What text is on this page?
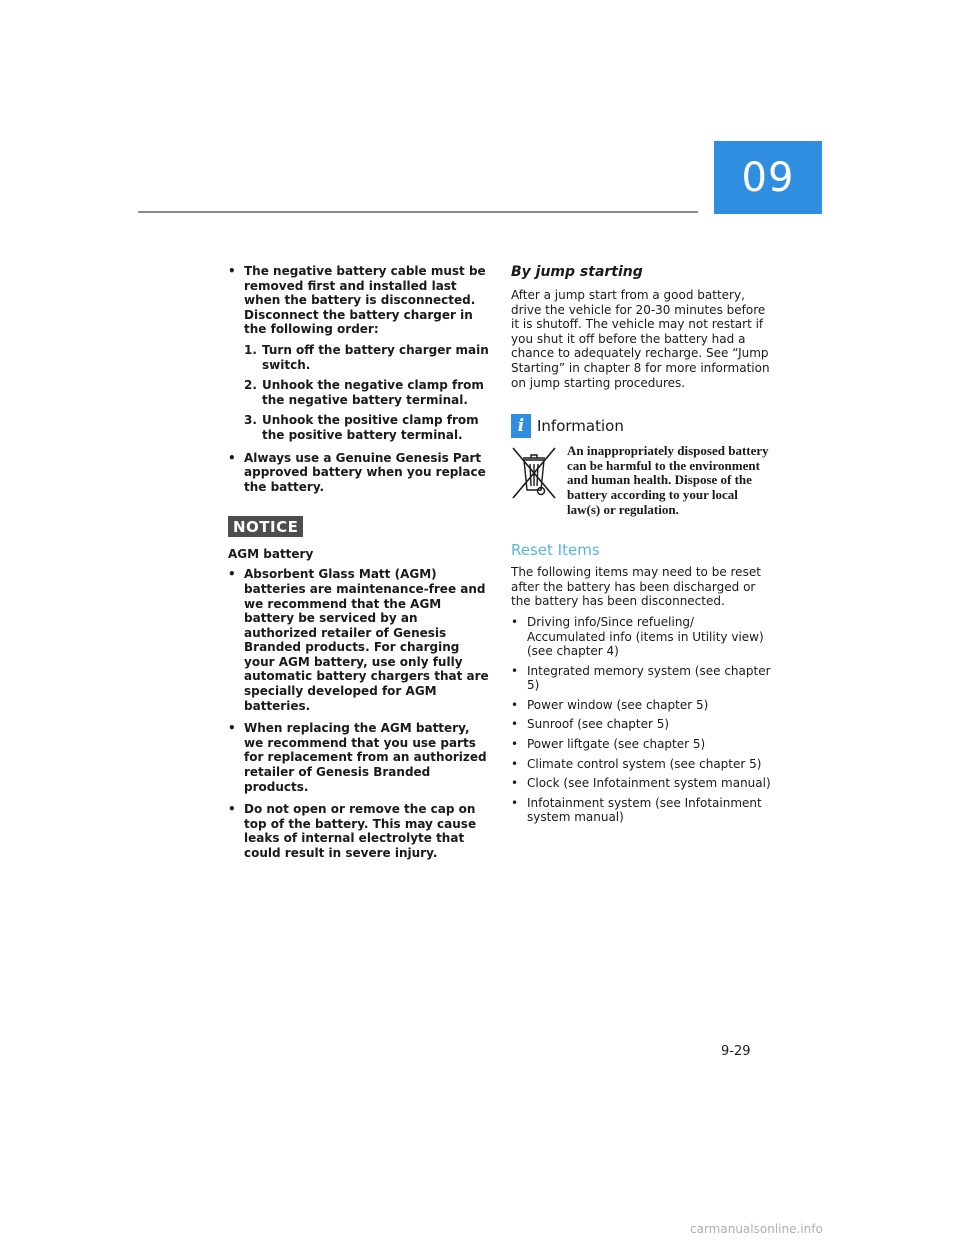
09
• The negative battery cable must be removed first and installed last when the battery is disconnected. Disconnect the battery charger in the following order:
1. Turn off the battery charger main switch.
2. Unhook the negative clamp from the negative battery terminal.
3. Unhook the positive clamp from the positive battery terminal.
• Always use a Genuine Genesis Part approved battery when you replace the battery.
NOTICE
AGM battery
• Absorbent Glass Matt (AGM) batteries are maintenance-free and we recommend that the AGM battery be serviced by an authorized retailer of Genesis Branded products. For charging your AGM battery, use only fully automatic battery chargers that are specially developed for AGM batteries.
• When replacing the AGM battery, we recommend that you use parts for replacement from an authorized retailer of Genesis Branded products.
• Do not open or remove the cap on top of the battery. This may cause leaks of internal electrolyte that could result in severe injury.
By jump starting
After a jump start from a good battery, drive the vehicle for 20-30 minutes before it is shutoff. The vehicle may not restart if you shut it off before the battery had a chance to adequately recharge. See “Jump Starting” in chapter 8 for more information on jump starting procedures.
i Information
An inappropriately disposed battery can be harmful to the environment and human health. Dispose of the battery according to your local law(s) or regulation.
Reset Items
The following items may need to be reset after the battery has been discharged or the battery has been disconnected.
• Driving info/Since refueling/ Accumulated info (items in Utility view) (see chapter 4)
• Integrated memory system (see chapter 5)
• Power window (see chapter 5)
• Sunroof (see chapter 5)
• Power liftgate (see chapter 5)
• Climate control system (see chapter 5)
• Clock (see Infotainment system manual)
• Infotainment system (see Infotainment system manual)
9-29
carmanualsonline.info
